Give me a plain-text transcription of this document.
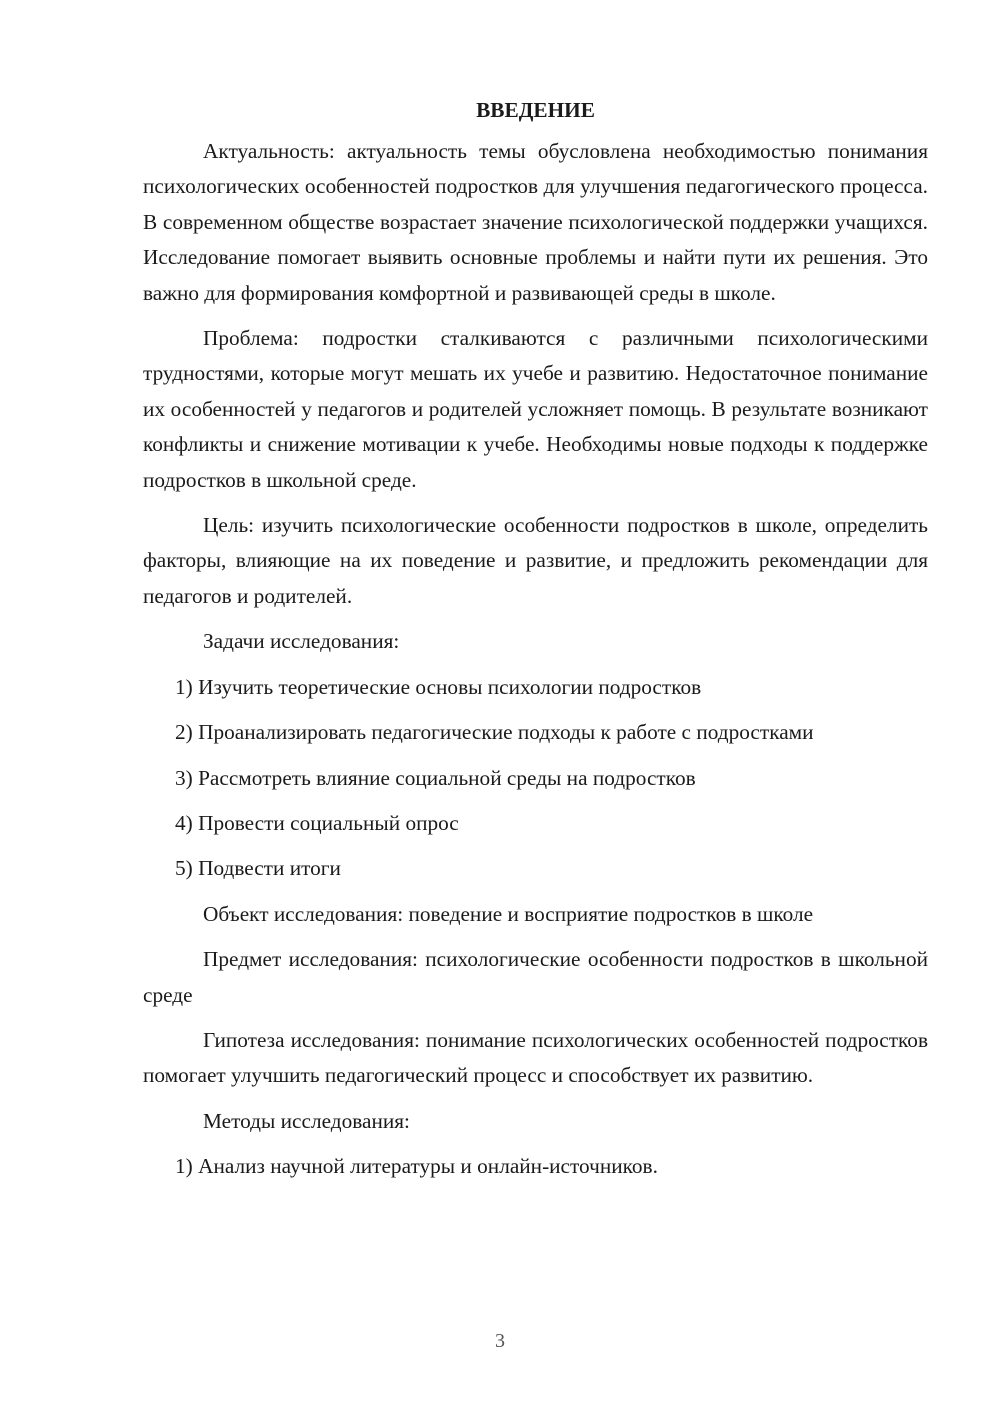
ВВЕДЕНИЕ

Актуальность: актуальность темы обусловлена необходимостью понимания психологических особенностей подростков для улучшения педагогического процесса. В современном обществе возрастает значение психологической поддержки учащихся. Исследование помогает выявить основные проблемы и найти пути их решения. Это важно для формирования комфортной и развивающей среды в школе.

Проблема: подростки сталкиваются с различными психологическими трудностями, которые могут мешать их учебе и развитию. Недостаточное понимание их особенностей у педагогов и родителей усложняет помощь. В результате возникают конфликты и снижение мотивации к учебе. Необходимы новые подходы к поддержке подростков в школьной среде.

Цель: изучить психологические особенности подростков в школе, определить факторы, влияющие на их поведение и развитие, и предложить рекомендации для педагогов и родителей.

Задачи исследования:

1) Изучить теоретические основы психологии подростков
2) Проанализировать педагогические подходы к работе с подростками
3) Рассмотреть влияние социальной среды на подростков
4) Провести социальный опрос
5) Подвести итоги

Объект исследования: поведение и восприятие подростков в школе

Предмет исследования: психологические особенности подростков в школьной среде

Гипотеза исследования: понимание психологических особенностей подростков помогает улучшить педагогический процесс и способствует их развитию.

Методы исследования:

1) Анализ научной литературы и онлайн-источников.
3
